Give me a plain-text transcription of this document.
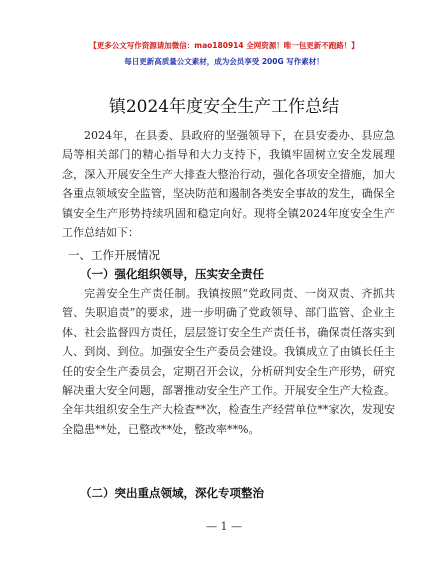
【更多公文写作资源请加微信：mao180914 全网资源！唯一包更新不跑路！】
每日更新高质量公文素材，成为会员享受 200G 写作素材！
镇2024年度安全生产工作总结
2024年，在县委、县政府的坚强领导下，在县安委办、县应急局等相关部门的精心指导和大力支持下，我镇牢固树立安全发展理念，深入开展安全生产大排查大整治行动，强化各项安全措施，加大各重点领域安全监管，坚决防范和遏制各类安全事故的发生，确保全镇安全生产形势持续巩固和稳定向好。现将全镇2024年度安全生产工作总结如下：
一、工作开展情况
（一）强化组织领导，压实安全责任
完善安全生产责任制。我镇按照“党政同责、一岗双责、齐抓共管、失职追责”的要求，进一步明确了党政领导、部门监管、企业主体、社会监督四方责任，层层签订安全生产责任书，确保责任落实到人、到岗、到位。加强安全生产委员会建设。我镇成立了由镇长任主任的安全生产委员会，定期召开会议，分析研判安全生产形势，研究解决重大安全问题，部署推动安全生产工作。开展安全生产大检查。全年共组织安全生产大检查**次，检查生产经营单位**家次，发现安全隐患**处，已整改**处，整改率**%。
（二）突出重点领域，深化专项整治
— 1 —
